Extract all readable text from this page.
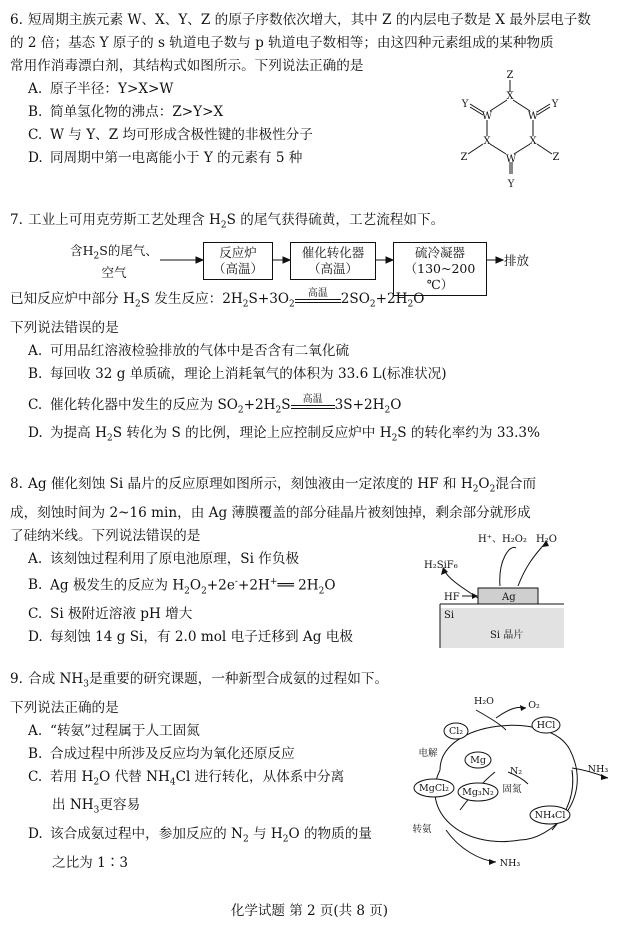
6. 短周期主族元素 W、X、Y、Z 的原子序数依次增大，其中 Z 的内层电子数是 X 最外层电子数

的 2 倍；基态 Y 原子的 s 轨道电子数与 p 轨道电子数相等；由这四种元素组成的某种物质

常用作消毒漂白剂，其结构式如图所示。下列说法正确的是

A. 原子半径：Y>X>W

B. 简单氢化物的沸点：Z>Y>X

C. W 与 Y、Z 均可形成含极性键的非极性分子

D. 同周期中第一电离能小于 Y 的元素有 5 种

Z
X
Y	Y
W	W
X	X
Z	Z
W
Y

7. 工业上可用克劳斯工艺处理含 $H_2S$ 的尾气获得硫黄，工艺流程如下。

含$H_2S$的尾气、
空气
反应炉
（高温）
催化转化器
（高温）
硫冷凝器
（130~200 ℃）
排放

已知反应炉中部分 $H_2S$ 发生反应：$2H_2S+3O_2$
高温 $2SO_2+2H_2O$

下列说法错误的是

A. 可用品红溶液检验排放的气体中是否含有二氧化硫

B. 每回收 32 g 单质硫，理论上消耗氧气的体积为 33.6 L(标准状况)

C. 催化转化器中发生的反应为 $SO_2+2H_2S$	高温 $3S+2H_2O$

D. 为提高 $H_2S$ 转化为 S 的比例，理论上应控制反应炉中 $H_2S$ 的转化率约为 33.3%

8. Ag 催化刻蚀 Si 晶片的反应原理如图所示，刻蚀液由一定浓度的 HF 和 $H_2O_2$混合而

成，刻蚀时间为 2~16 min，由 Ag 薄膜覆盖的部分硅晶片被刻蚀掉，剩余部分就形成

了硅纳米线。下列说法错误的是

A. 该刻蚀过程利用了原电池原理，Si 作负极

B. Ag 极发生的反应为 $H_2O_2+2e^-+2H^+══$ $2H_2O$

C. Si 极附近溶液 pH 增大

D. 每刻蚀 14 g Si，有 2.0 mol 电子迁移到 Ag 电极

H⁺、H₂O₂ H₂O
H₂SiF₆
HF	Ag
Si
Si 晶片

9. 合成 $NH_3$是重要的研究课题，一种新型合成氨的过程如下。

下列说法正确的是

A. “转氨”过程属于人工固氮

B. 合成过程中所涉及反应均为氧化还原反应

C. 若用 $H_2O$ 代替 $NH_4Cl$ 进行转化，从体系中分离

出 $NH_3$更容易

D. 该合成氨过程中，参加反应的 $N_2$ 与 $H_2O$ 的物质的量

之比为 1∶3

H₂O	O₂
Cl₂
HCl
电解
Mg
N₂
固氮
MgCl₂ Mg₃N₂
NH₄Cl
NH₃
NH₃
转氨
化学试题 第 2 页(共 8 页)
